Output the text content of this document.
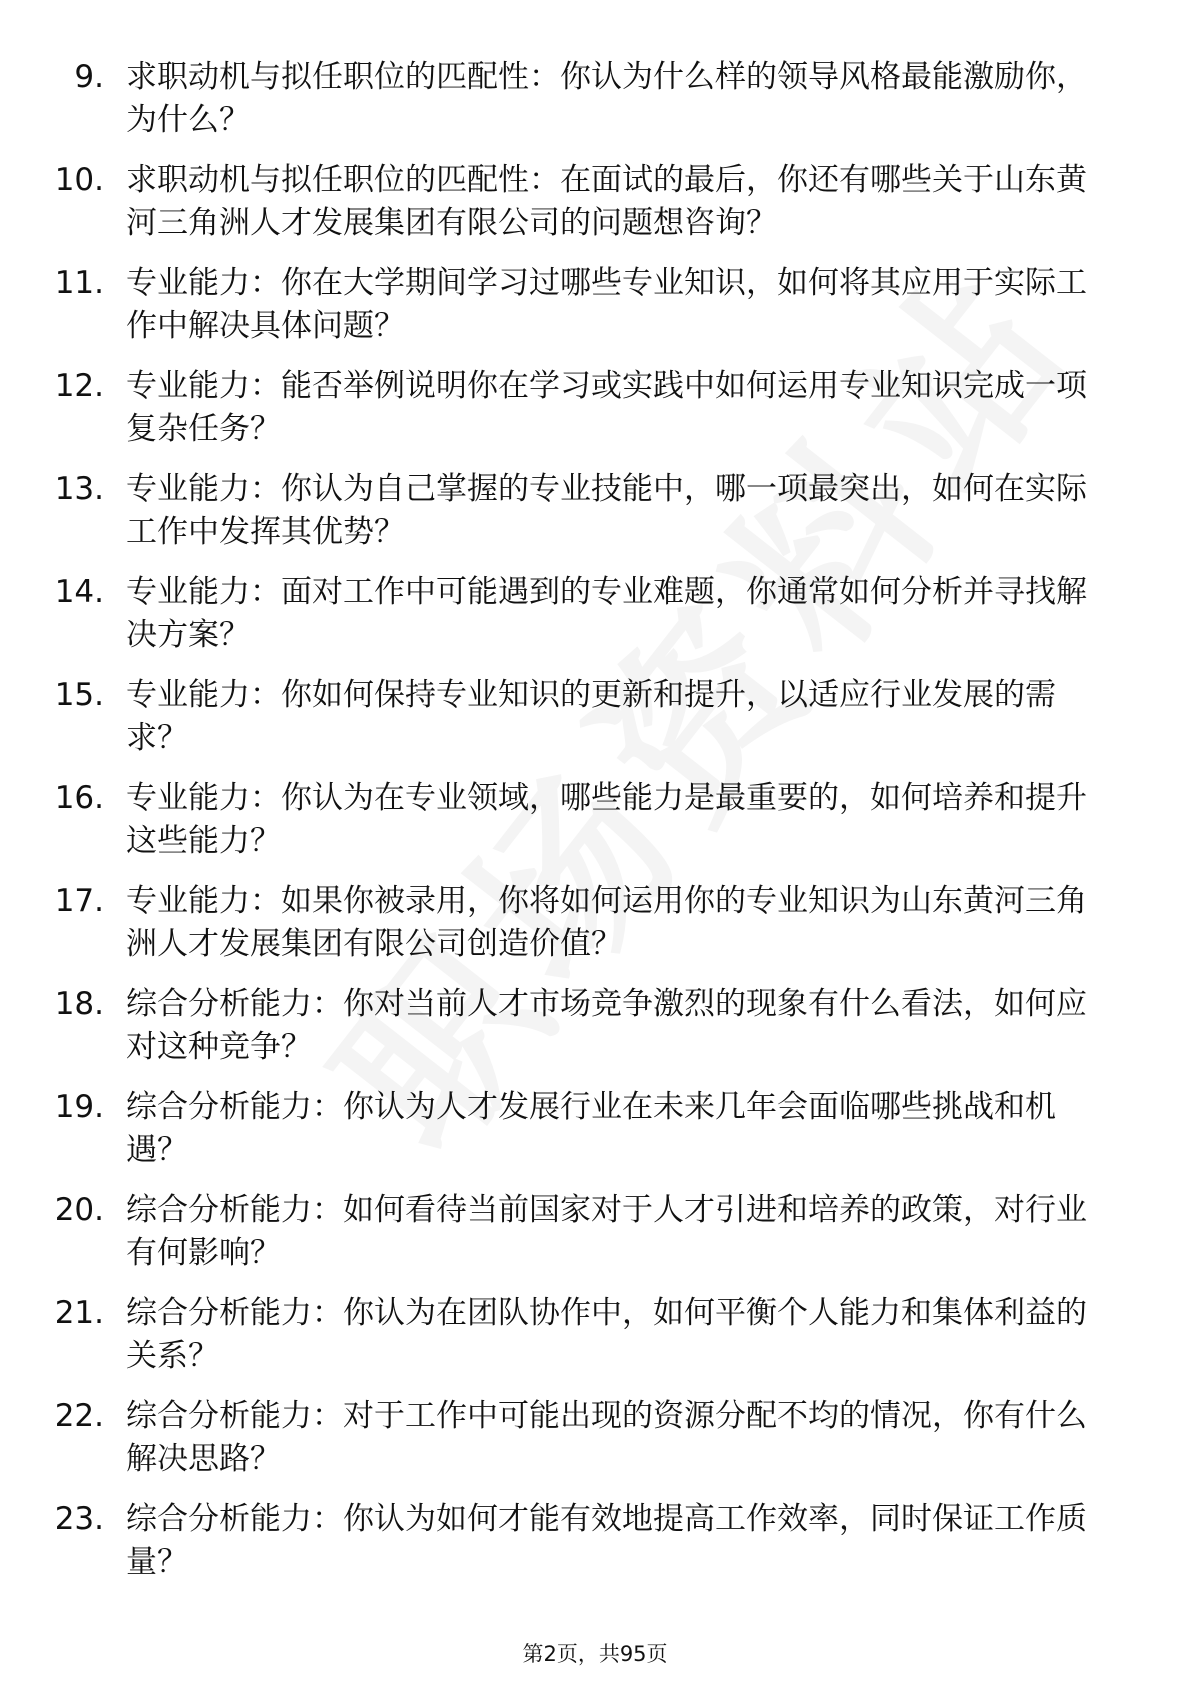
9. 求职动机与拟任职位的匹配性：你认为什么样的领导风格最能激励你，为什么？
10. 求职动机与拟任职位的匹配性：在面试的最后，你还有哪些关于山东黄河三角洲人才发展集团有限公司的问题想咨询？
11. 专业能力：你在大学期间学习过哪些专业知识，如何将其应用于实际工作中解决具体问题？
12. 专业能力：能否举例说明你在学习或实践中如何运用专业知识完成一项复杂任务？
13. 专业能力：你认为自己掌握的专业技能中，哪一项最突出，如何在实际工作中发挥其优势？
14. 专业能力：面对工作中可能遇到的专业难题，你通常如何分析并寻找解决方案？
15. 专业能力：你如何保持专业知识的更新和提升，以适应行业发展的需求？
16. 专业能力：你认为在专业领域，哪些能力是最重要的，如何培养和提升这些能力？
17. 专业能力：如果你被录用，你将如何运用你的专业知识为山东黄河三角洲人才发展集团有限公司创造价值？
18. 综合分析能力：你对当前人才市场竞争激烈的现象有什么看法，如何应对这种竞争？
19. 综合分析能力：你认为人才发展行业在未来几年会面临哪些挑战和机遇？
20. 综合分析能力：如何看待当前国家对于人才引进和培养的政策，对行业有何影响？
21. 综合分析能力：你认为在团队协作中，如何平衡个人能力和集体利益的关系？
22. 综合分析能力：对于工作中可能出现的资源分配不均的情况，你有什么解决思路？
23. 综合分析能力：你认为如何才能有效地提高工作效率，同时保证工作质量？
第2页，共95页
